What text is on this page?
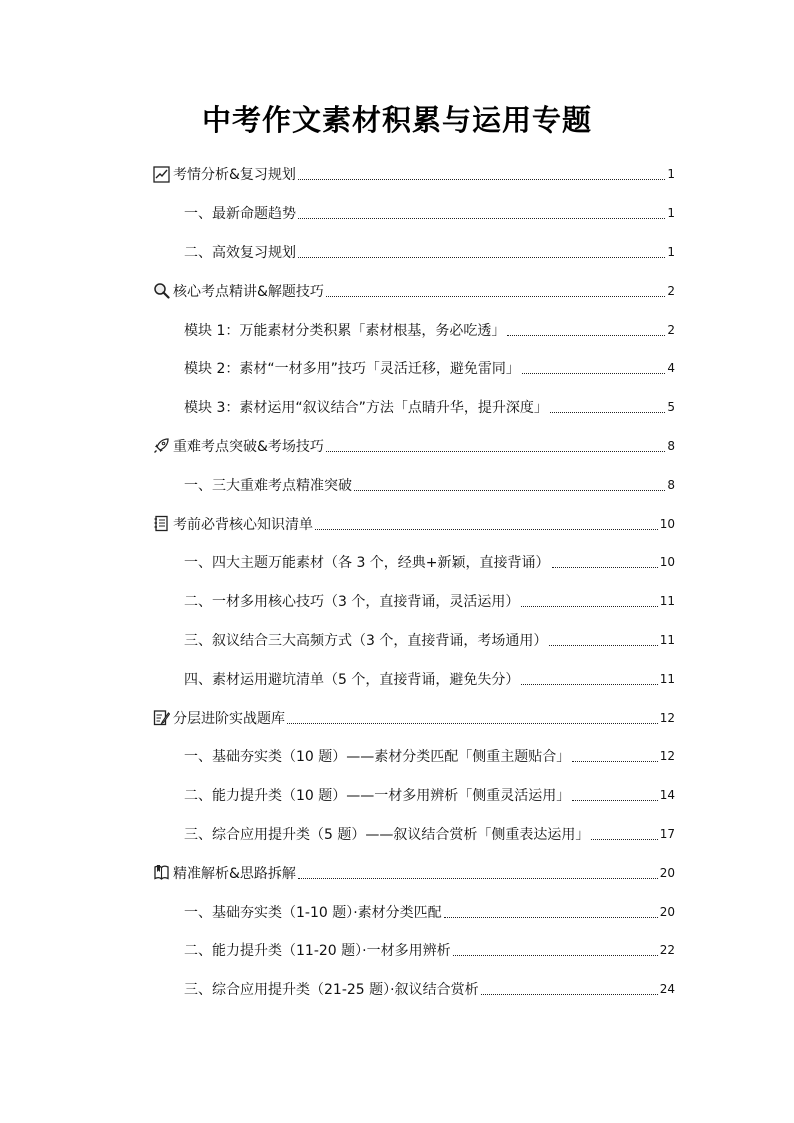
中考作文素材积累与运用专题
考情分析&复习规划	1
一、最新命题趋势	1
二、高效复习规划	1
核心考点精讲&解题技巧	2
模块 1：万能素材分类积累「素材根基，务必吃透」	2
模块 2：素材“一材多用”技巧「灵活迁移，避免雷同」	4
模块 3：素材运用“叙议结合”方法「点睛升华，提升深度」	5
重难考点突破&考场技巧	8
一、三大重难考点精准突破	8
考前必背核心知识清单	10
一、四大主题万能素材（各 3 个，经典+新颖，直接背诵）	10
二、一材多用核心技巧（3 个，直接背诵，灵活运用）	11
三、叙议结合三大高频方式（3 个，直接背诵，考场通用）	11
四、素材运用避坑清单（5 个，直接背诵，避免失分）	11
分层进阶实战题库	12
一、基础夯实类（10 题）——素材分类匹配「侧重主题贴合」	12
二、能力提升类（10 题）——一材多用辨析「侧重灵活运用」	14
三、综合应用提升类（5 题）——叙议结合赏析「侧重表达运用」	17
精准解析&思路拆解	20
一、基础夯实类（1-10 题）·素材分类匹配	20
二、能力提升类（11-20 题）·一材多用辨析	22
三、综合应用提升类（21-25 题）·叙议结合赏析	24
